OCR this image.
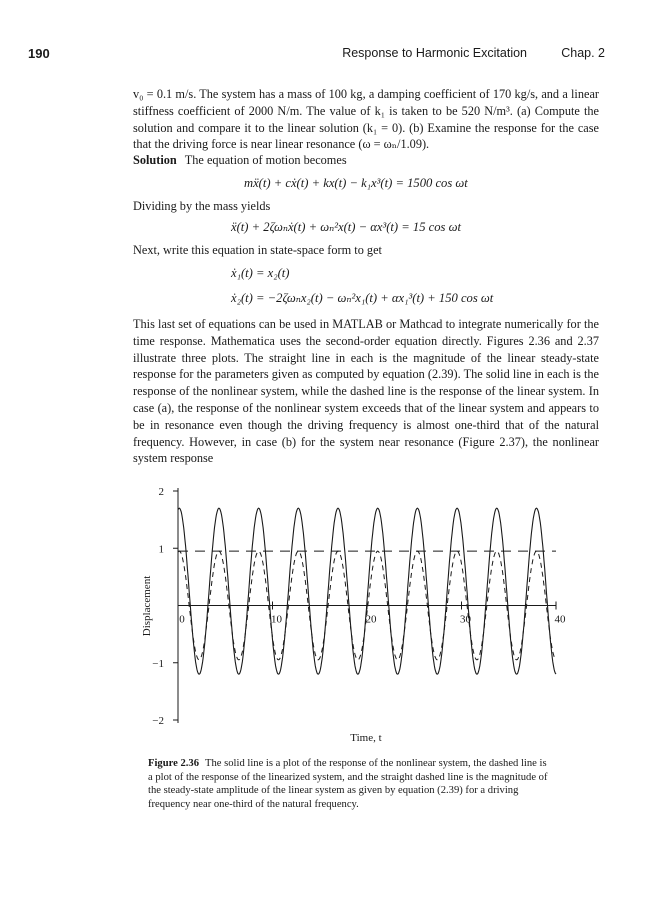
190	Response to Harmonic Excitation	Chap. 2

v₀ = 0.1 m/s. The system has a mass of 100 kg, a damping coefficient of 170 kg/s, and a linear stiffness coefficient of 2000 N/m. The value of k₁ is taken to be 520 N/m³. (a) Compute the solution and compare it to the linear solution (k₁ = 0). (b) Examine the response for the case that the driving force is near linear resonance (ω = ωₙ/1.09).

Solution The equation of motion becomes

mẍ(t) + cẋ(t) + kx(t) − k₁x³(t) = 1500 cos ωt

Dividing by the mass yields

ẍ(t) + 2ζωₙẋ(t) + ωₙ²x(t) − αx³(t) = 15 cos ωt

Next, write this equation in state-space form to get

ẋ₁(t) = x₂(t)
ẋ₂(t) = −2ζωₙx₂(t) − ωₙ²x₁(t) + αx₁³(t) + 150 cos ωt

This last set of equations can be used in MATLAB or Mathcad to integrate numerically for the time response. Mathematica uses the second-order equation directly. Figures 2.36 and 2.37 illustrate three plots. The straight line in each is the magnitude of the linear steady-state response for the parameters given as computed by equation (2.39). The solid line in each is the response of the nonlinear system, while the dashed line is the response of the linear system. In case (a), the response of the nonlinear system exceeds that of the linear system and appears to be in resonance even though the driving frequency is almost one-third that of the natural frequency. However, in case (b) for the system near resonance (Figure 2.37), the nonlinear system response

2
1
−1
−2
0	10	20	30	40
Time, t
Displacement

Figure 2.36 The solid line is a plot of the response of the nonlinear system, the dashed line is a plot of the response of the linearized system, and the straight dashed line is the magnitude of the steady-state amplitude of the linear system as given by equation (2.39) for a driving frequency near one-third of the natural frequency.
